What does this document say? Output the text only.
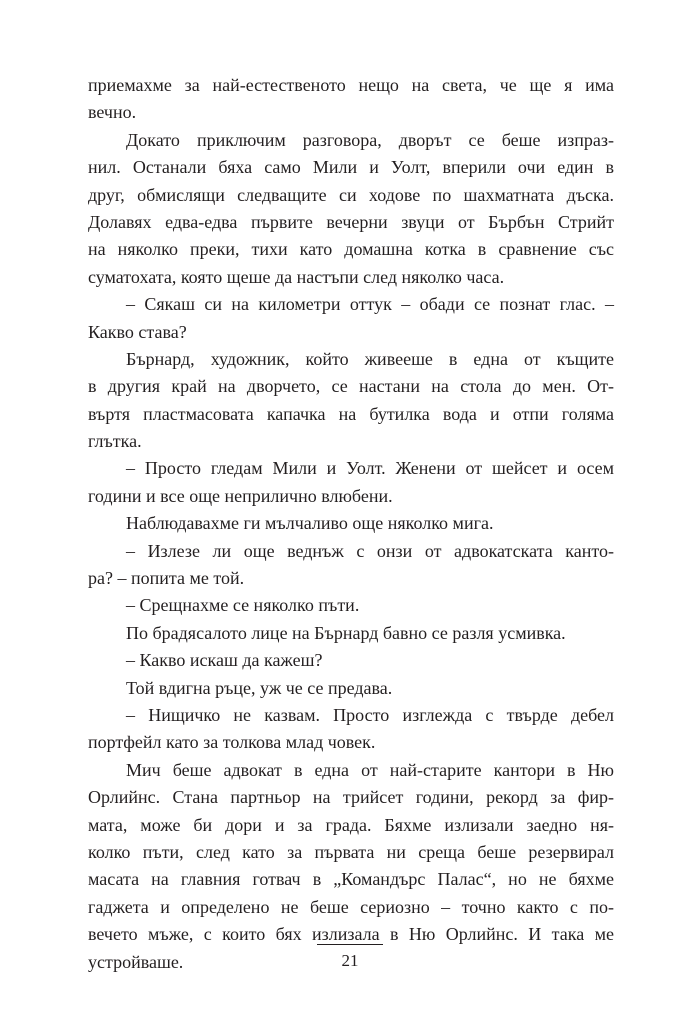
приемахме за най-естественото нещо на света, че ще я има
вечно.
Докато приключим разговора, дворът се беше изпраз-
нил. Останали бяха само Мили и Уолт, вперили очи един в
друг, обмислящи следващите си ходове по шахматната дъска.
Долавях едва-едва първите вечерни звуци от Бърбън Стрийт
на няколко преки, тихи като домашна котка в сравнение със
суматохата, която щеше да настъпи след няколко часа.
– Сякаш си на километри оттук – обади се познат глас. –
Какво става?
Бърнард, художник, който живееше в една от къщите
в другия край на дворчето, се настани на стола до мен. От-
въртя пластмасовата капачка на бутилка вода и отпи голяма
глътка.
– Просто гледам Мили и Уолт. Женени от шейсет и осем
години и все още неприлично влюбени.
Наблюдавахме ги мълчаливо още няколко мига.
– Излезе ли още веднъж с онзи от адвокатската канто-
ра? – попита ме той.
– Срещнахме се няколко пъти.
По брадясалото лице на Бърнард бавно се разля усмивка.
– Какво искаш да кажеш?
Той вдигна ръце, уж че се предава.
– Нищичко не казвам. Просто изглежда с твърде дебел
портфейл като за толкова млад човек.
Мич беше адвокат в една от най-старите кантори в Ню
Орлийнс. Стана партньор на трийсет години, рекорд за фир-
мата, може би дори и за града. Бяхме излизали заедно ня-
колко пъти, след като за първата ни среща беше резервирал
масата на главния готвач в „Командърс Палас“, но не бяхме
гаджета и определено не беше сериозно – точно както с по-
вечето мъже, с които бях излизала в Ню Орлийнс. И така ме
устройваше.	21
